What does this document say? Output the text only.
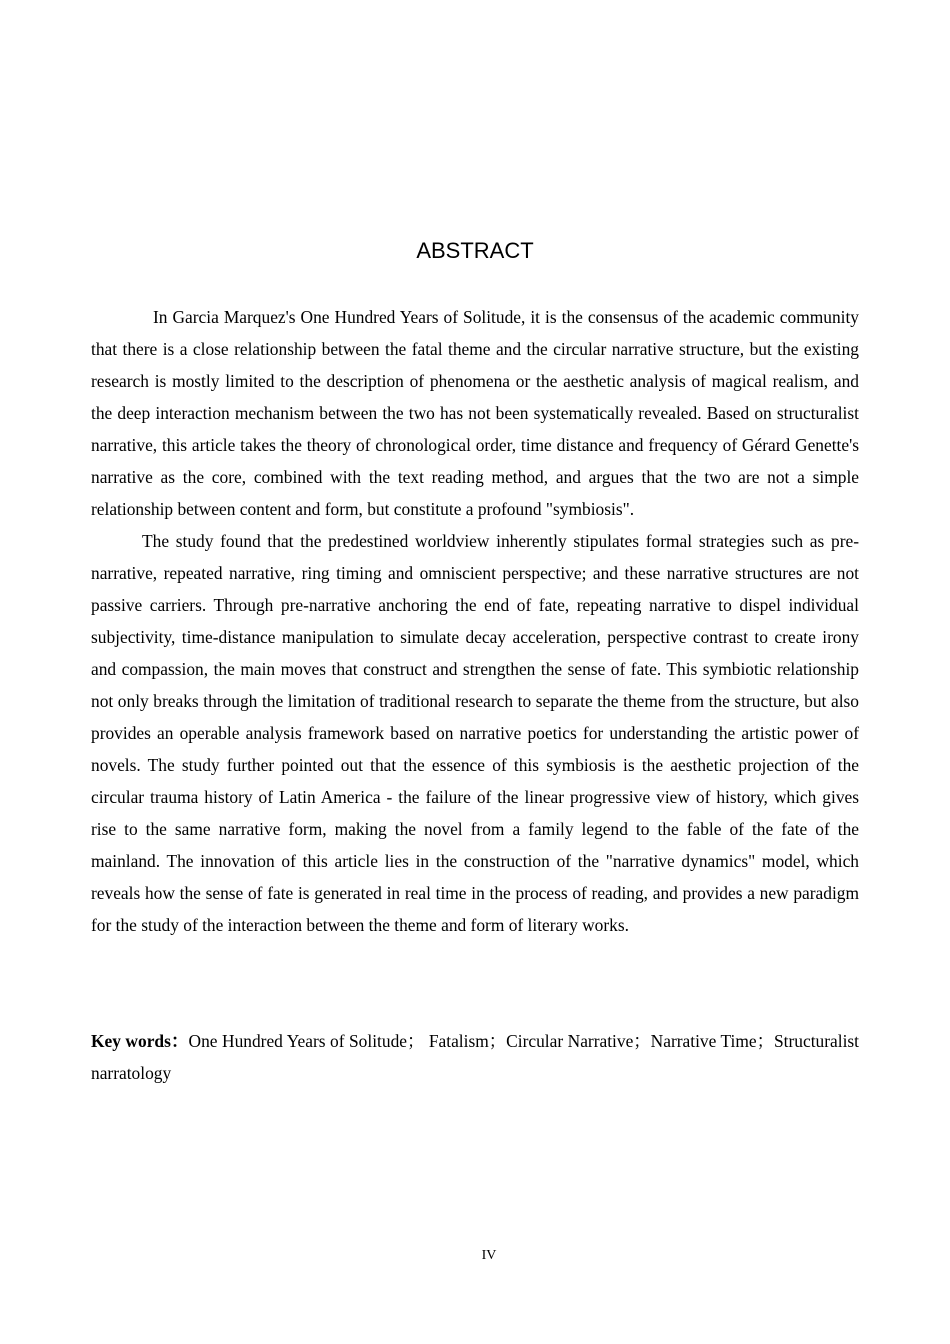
ABSTRACT

In Garcia Marquez's One Hundred Years of Solitude, it is the consensus of the academic community that there is a close relationship between the fatal theme and the circular narrative structure, but the existing research is mostly limited to the description of phenomena or the aesthetic analysis of magical realism, and the deep interaction mechanism between the two has not been systematically revealed. Based on structuralist narrative, this article takes the theory of chronological order, time distance and frequency of Gérard Genette's narrative as the core, combined with the text reading method, and argues that the two are not a simple relationship between content and form, but constitute a profound "symbiosis".

The study found that the predestined worldview inherently stipulates formal strategies such as pre-narrative, repeated narrative, ring timing and omniscient perspective; and these narrative structures are not passive carriers. Through pre-narrative anchoring the end of fate, repeating narrative to dispel individual subjectivity, time-distance manipulation to simulate decay acceleration, perspective contrast to create irony and compassion, the main moves that construct and strengthen the sense of fate. This symbiotic relationship not only breaks through the limitation of traditional research to separate the theme from the structure, but also provides an operable analysis framework based on narrative poetics for understanding the artistic power of novels. The study further pointed out that the essence of this symbiosis is the aesthetic projection of the circular trauma history of Latin America - the failure of the linear progressive view of history, which gives rise to the same narrative form, making the novel from a family legend to the fable of the fate of the mainland. The innovation of this article lies in the construction of the "narrative dynamics" model, which reveals how the sense of fate is generated in real time in the process of reading, and provides a new paradigm for the study of the interaction between the theme and form of literary works.

Key words：One Hundred Years of Solitude； Fatalism；Circular Narrative；Narrative Time；Structuralist narratology

IV
